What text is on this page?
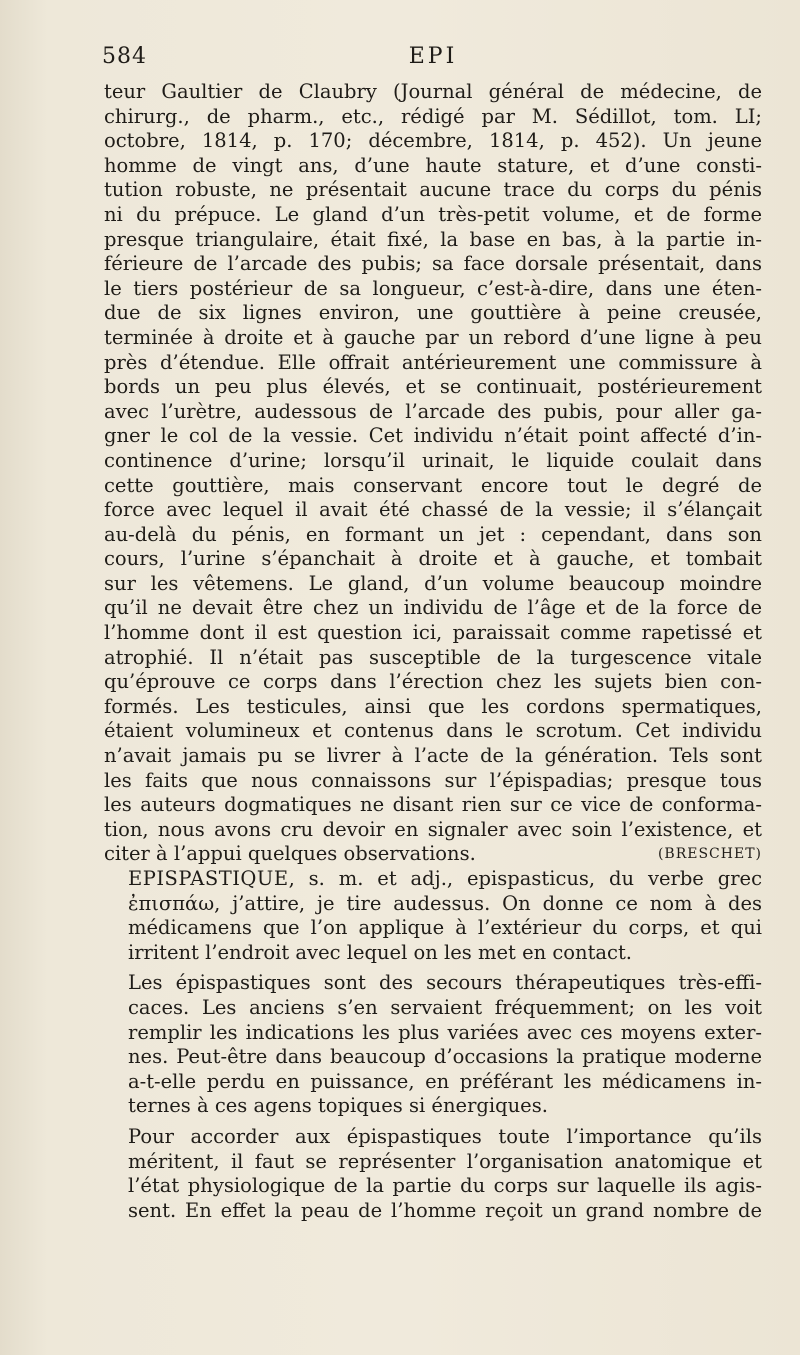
584	EPI

teur Gaultier de Claubry (Journal général de médecine, de
chirurg., de pharm., etc., rédigé par M. Sédillot, tom. LI;
octobre, 1814, p. 170; décembre, 1814, p. 452). Un jeune
homme de vingt ans, d’une haute stature, et d’une consti-
tution robuste, ne présentait aucune trace du corps du pénis
ni du prépuce. Le gland d’un très-petit volume, et de forme
presque triangulaire, était fixé, la base en bas, à la partie in-
férieure de l’arcade des pubis; sa face dorsale présentait, dans
le tiers postérieur de sa longueur, c’est-à-dire, dans une éten-
due de six lignes environ, une gouttière à peine creusée,
terminée à droite et à gauche par un rebord d’une ligne à peu
près d’étendue. Elle offrait antérieurement une commissure à
bords un peu plus élevés, et se continuait, postérieurement
avec l’urètre, audessous de l’arcade des pubis, pour aller ga-
gner le col de la vessie. Cet individu n’était point affecté d’in-
continence d’urine; lorsqu’il urinait, le liquide coulait dans
cette gouttière, mais conservant encore tout le degré de
force avec lequel il avait été chassé de la vessie; il s’élançait
au-delà du pénis, en formant un jet : cependant, dans son
cours, l’urine s’épanchait à droite et à gauche, et tombait
sur les vêtemens. Le gland, d’un volume beaucoup moindre
qu’il ne devait être chez un individu de l’âge et de la force de
l’homme dont il est question ici, paraissait comme rapetissé et
atrophié. Il n’était pas susceptible de la turgescence vitale
qu’éprouve ce corps dans l’érection chez les sujets bien con-
formés. Les testicules, ainsi que les cordons spermatiques,
étaient volumineux et contenus dans le scrotum. Cet individu
n’avait jamais pu se livrer à l’acte de la génération. Tels sont
les faits que nous connaissons sur l’épispadias; presque tous
les auteurs dogmatiques ne disant rien sur ce vice de conforma-
tion, nous avons cru devoir en signaler avec soin l’existence, et
citer à l’appui quelques observations.	(BRESCHET)

EPISPASTIQUE, s. m. et adj., epispasticus, du verbe grec
ἐπισπάω, j’attire, je tire audessus. On donne ce nom à des
médicamens que l’on applique à l’extérieur du corps, et qui
irritent l’endroit avec lequel on les met en contact.

Les épispastiques sont des secours thérapeutiques très-effi-
caces. Les anciens s’en servaient fréquemment; on les voit
remplir les indications les plus variées avec ces moyens exter-
nes. Peut-être dans beaucoup d’occasions la pratique moderne
a-t-elle perdu en puissance, en préférant les médicamens in-
ternes à ces agens topiques si énergiques.

Pour accorder aux épispastiques toute l’importance qu’ils
méritent, il faut se représenter l’organisation anatomique et
l’état physiologique de la partie du corps sur laquelle ils agis-
sent. En effet la peau de l’homme reçoit un grand nombre de
